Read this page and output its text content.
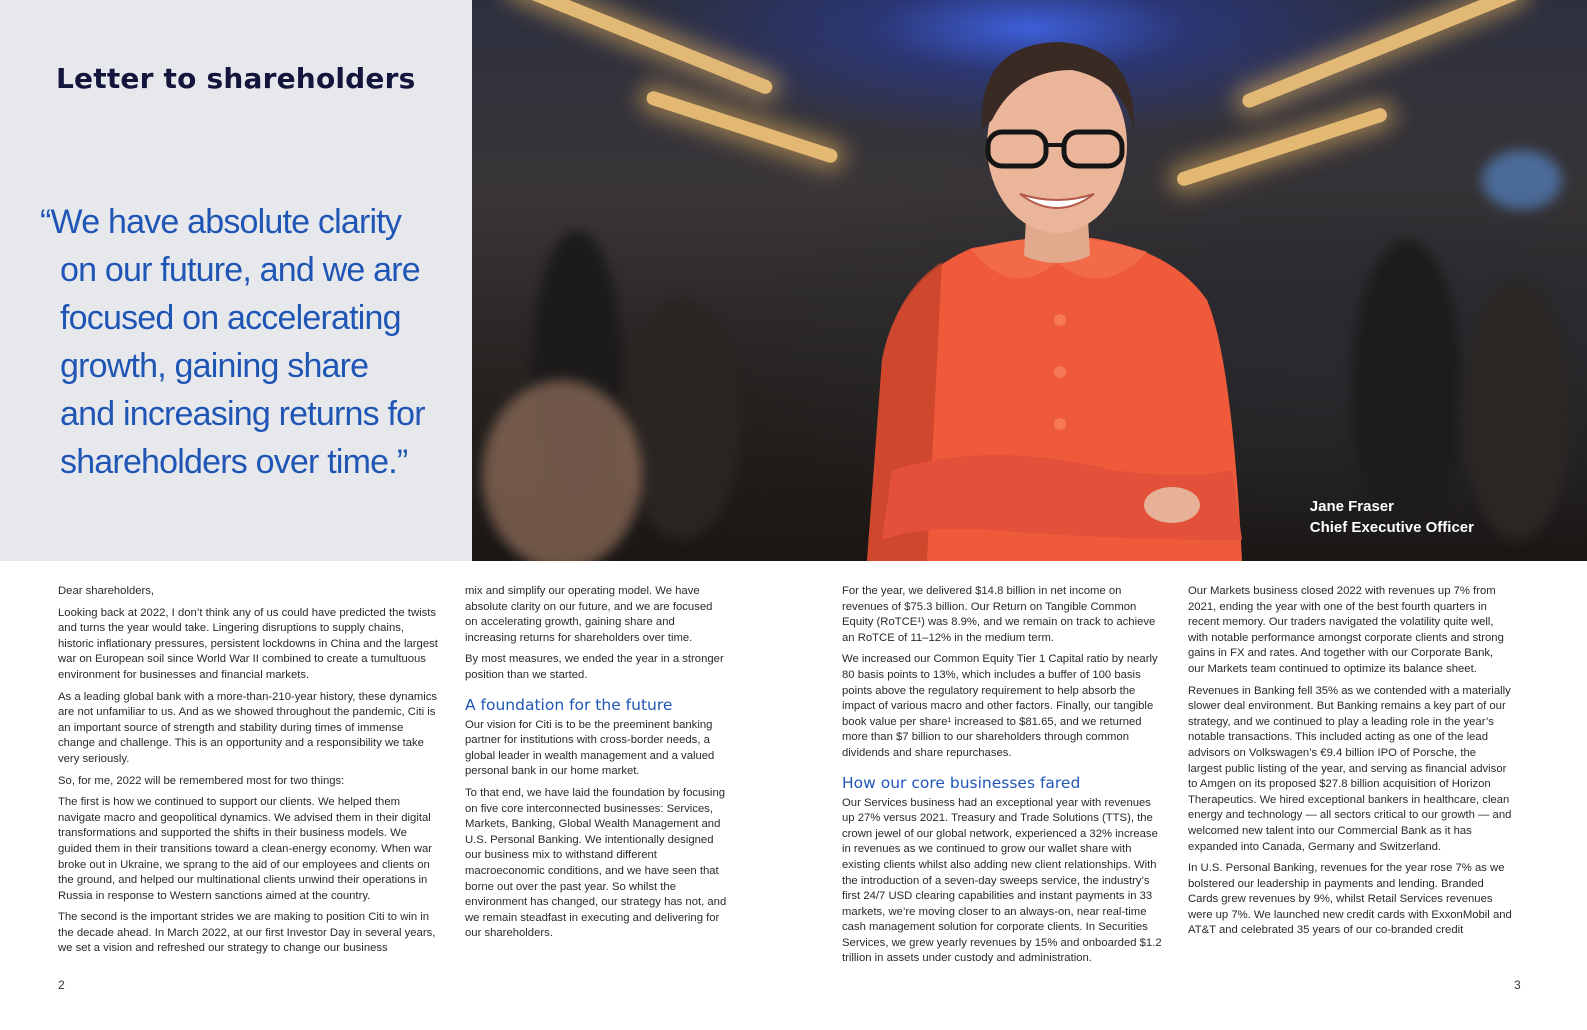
Letter to shareholders
“We have absolute clarity
on our future, and we are
focused on accelerating
growth, gaining share
and increasing returns for
shareholders over time.”
Jane Fraser
Chief Executive Officer

Dear shareholders,

Looking back at 2022, I don’t think any of us could have predicted the twists and turns the year would take. Lingering disruptions to supply chains, historic inflationary pressures, persistent lockdowns in China and the largest war on European soil since World War II combined to create a tumultuous environment for businesses and financial markets.

As a leading global bank with a more-than-210-year history, these dynamics are not unfamiliar to us. And as we showed throughout the pandemic, Citi is an important source of strength and stability during times of immense change and challenge. This is an opportunity and a responsibility we take very seriously.

So, for me, 2022 will be remembered most for two things:

The first is how we continued to support our clients. We helped them navigate macro and geopolitical dynamics. We advised them in their digital transformations and supported the shifts in their business models. We guided them in their transitions toward a clean-energy economy. When war broke out in Ukraine, we sprang to the aid of our employees and clients on the ground, and helped our multinational clients unwind their operations in Russia in response to Western sanctions aimed at the country.

The second is the important strides we are making to position Citi to win in the decade ahead. In March 2022, at our first Investor Day in several years, we set a vision and refreshed our strategy to change our business

mix and simplify our operating model. We have absolute clarity on our future, and we are focused on accelerating growth, gaining share and increasing returns for shareholders over time.

By most measures, we ended the year in a stronger position than we started.

A foundation for the future

Our vision for Citi is to be the preeminent banking partner for institutions with cross-border needs, a global leader in wealth management and a valued personal bank in our home market.

To that end, we have laid the foundation by focusing on five core interconnected businesses: Services, Markets, Banking, Global Wealth Management and U.S. Personal Banking. We intentionally designed our business mix to withstand different macroeconomic conditions, and we have seen that borne out over the past year. So whilst the environment has changed, our strategy has not, and we remain steadfast in executing and delivering for our shareholders.

For the year, we delivered $14.8 billion in net income on revenues of $75.3 billion. Our Return on Tangible Common Equity (RoTCE¹) was 8.9%, and we remain on track to achieve an RoTCE of 11–12% in the medium term.

We increased our Common Equity Tier 1 Capital ratio by nearly 80 basis points to 13%, which includes a buffer of 100 basis points above the regulatory requirement to help absorb the impact of various macro and other factors. Finally, our tangible book value per share¹ increased to $81.65, and we returned more than $7 billion to our shareholders through common dividends and share repurchases.

How our core businesses fared

Our Services business had an exceptional year with revenues up 27% versus 2021. Treasury and Trade Solutions (TTS), the crown jewel of our global network, experienced a 32% increase in revenues as we continued to grow our wallet share with existing clients whilst also adding new client relationships. With the introduction of a seven-day sweeps service, the industry’s first 24/7 USD clearing capabilities and instant payments in 33 markets, we’re moving closer to an always-on, near real-time cash management solution for corporate clients. In Securities Services, we grew yearly revenues by 15% and onboarded $1.2 trillion in assets under custody and administration.

Our Markets business closed 2022 with revenues up 7% from 2021, ending the year with one of the best fourth quarters in recent memory. Our traders navigated the volatility quite well, with notable performance amongst corporate clients and strong gains in FX and rates. And together with our Corporate Bank, our Markets team continued to optimize its balance sheet.

Revenues in Banking fell 35% as we contended with a materially slower deal environment. But Banking remains a key part of our strategy, and we continued to play a leading role in the year’s notable transactions. This included acting as one of the lead advisors on Volkswagen’s €9.4 billion IPO of Porsche, the largest public listing of the year, and serving as financial advisor to Amgen on its proposed $27.8 billion acquisition of Horizon Therapeutics. We hired exceptional bankers in healthcare, clean energy and technology — all sectors critical to our growth — and welcomed new talent into our Commercial Bank as it has expanded into Canada, Germany and Switzerland.

In U.S. Personal Banking, revenues for the year rose 7% as we bolstered our leadership in payments and lending. Branded Cards grew revenues by 9%, whilst Retail Services revenues were up 7%. We launched new credit cards with ExxonMobil and AT&T and celebrated 35 years of our co-branded credit

2	3
